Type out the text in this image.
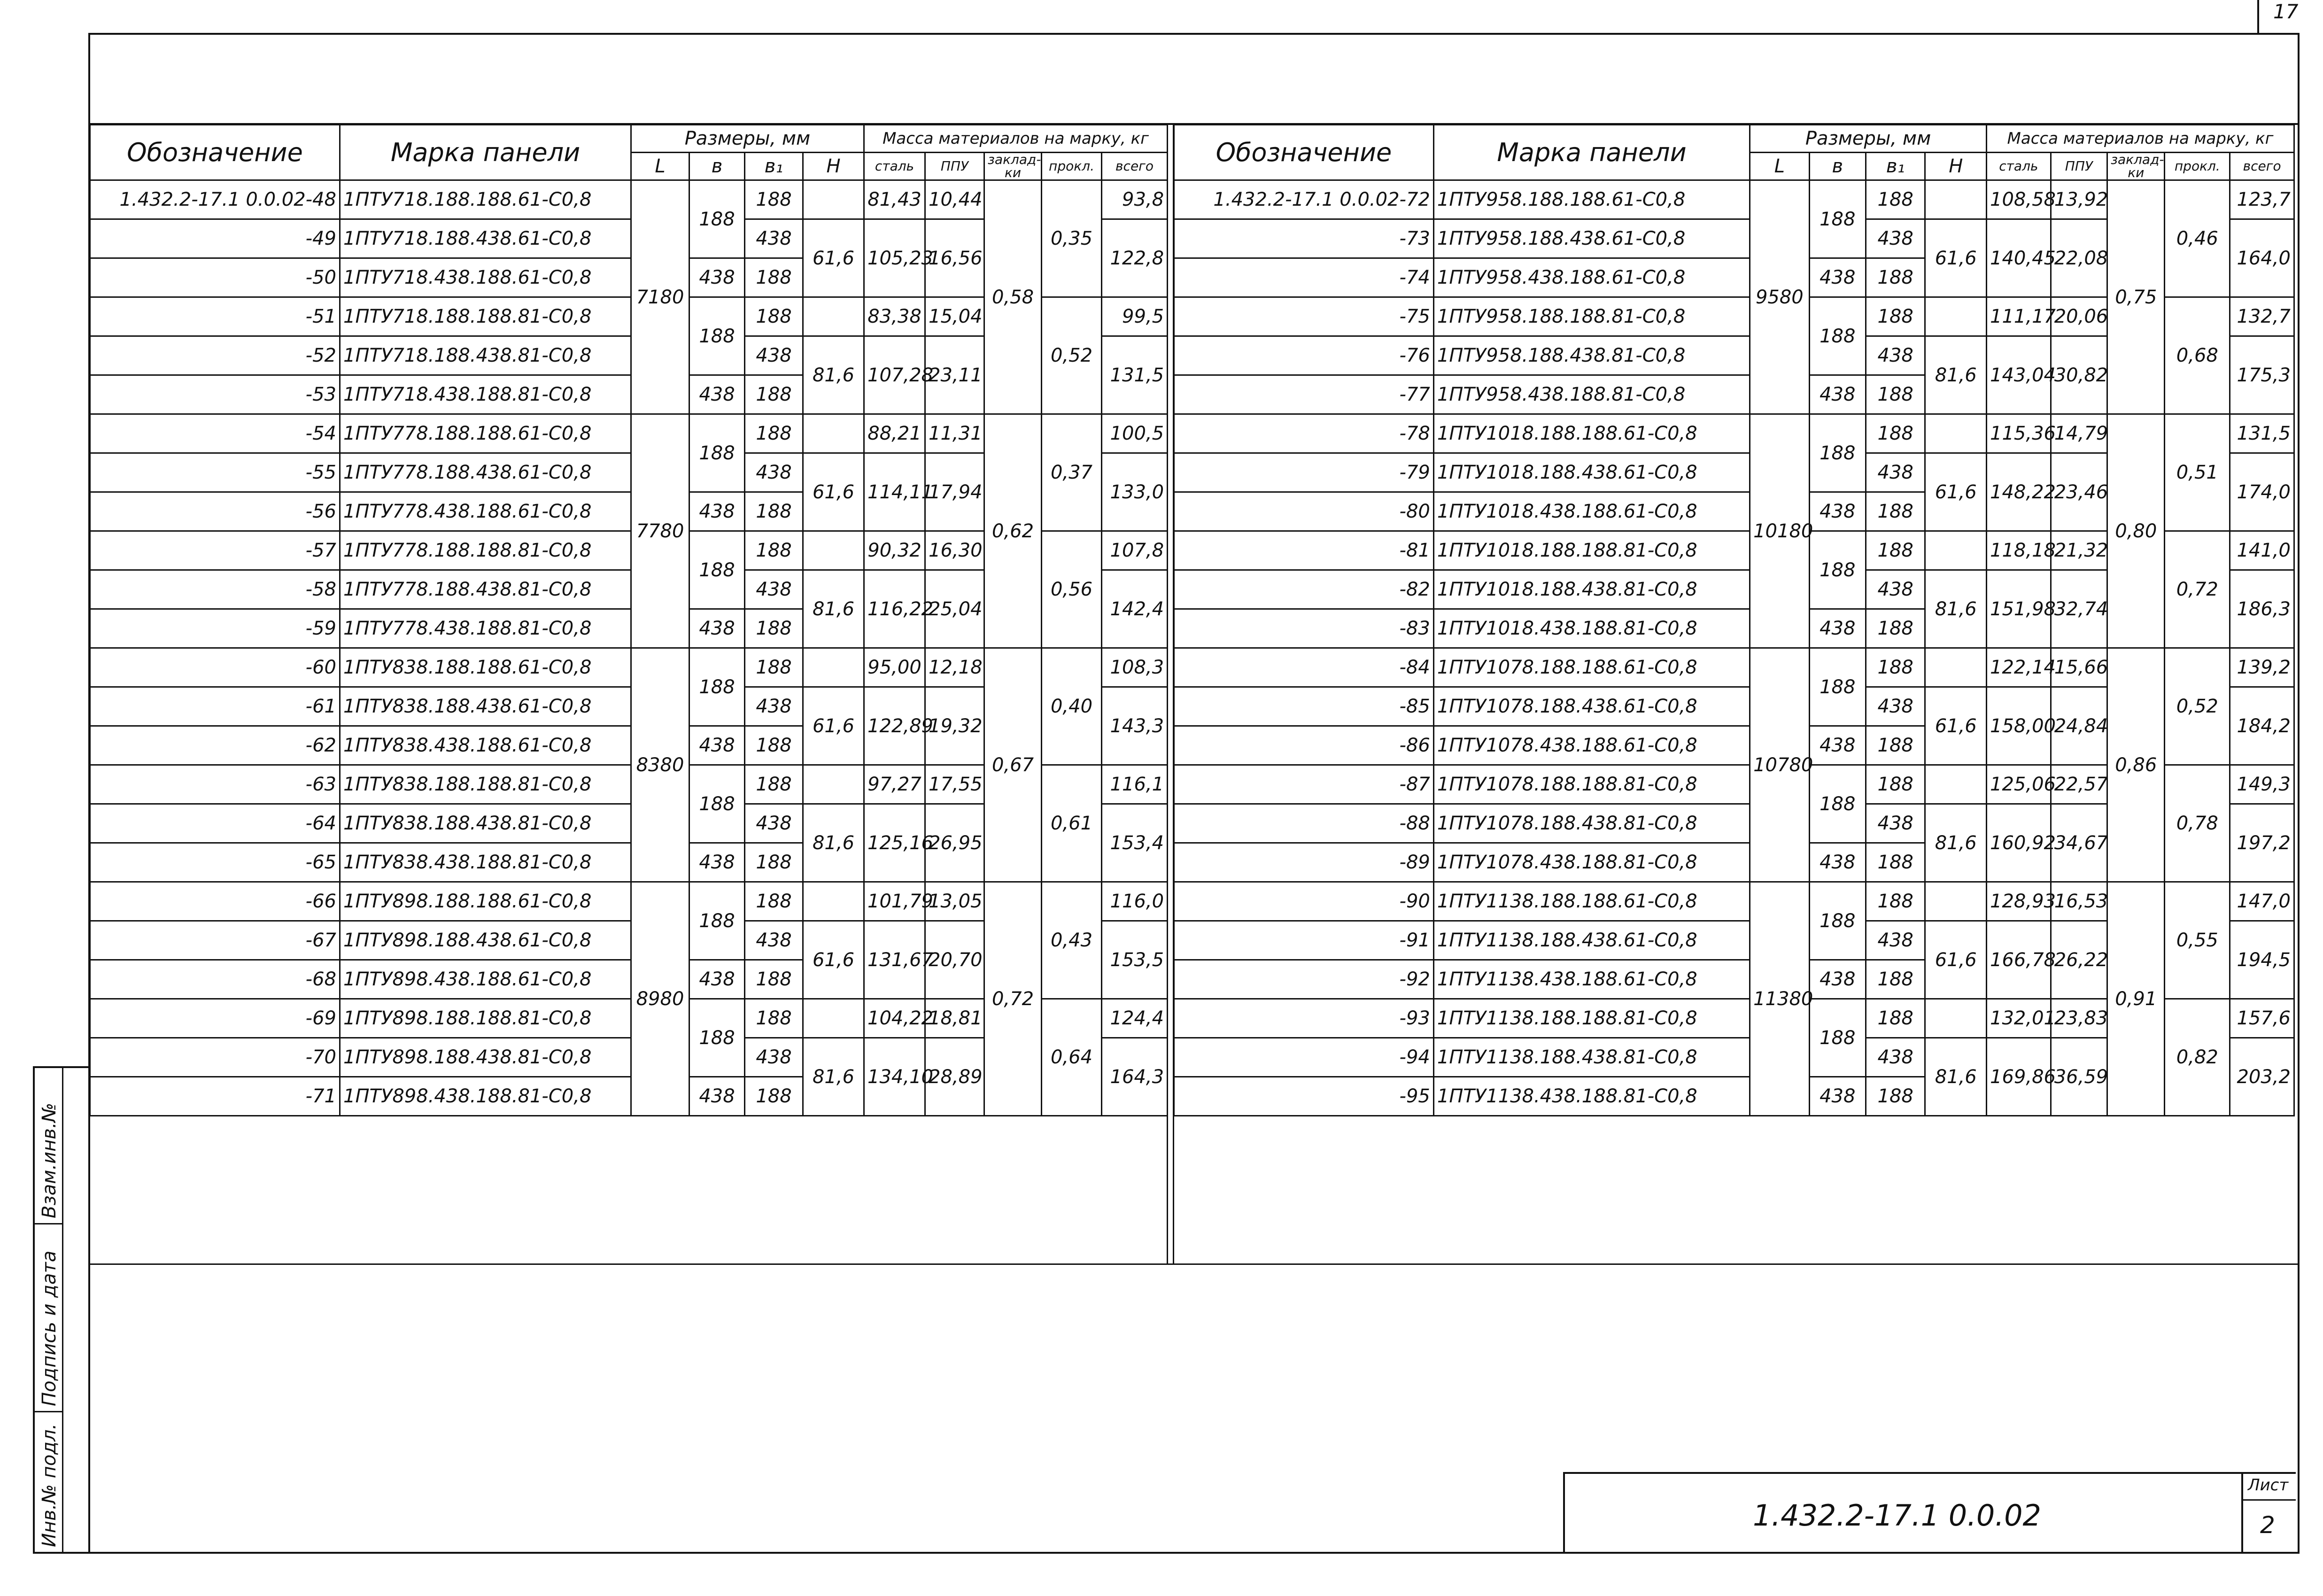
17
Взам.инв.№
Подпись и дата
Инв.№ подл.
Обозначение	Марка панели	Размеры, мм				Масса материалов на марку, кг				
		L	в	в₁	H	сталь	ППУ	заклад-ки	прокл.	всего
1.432.2-17.1 0.0.02-48	1ПТУ718.188.188.61-С0,8	7180	188	188		81,43	10,44	0,58	0,35	93,8
-49	1ПТУ718.188.438.61-С0,8			438	61,6	105,23	16,56			122,8
-50	1ПТУ718.438.188.61-С0,8		438	188						
-51	1ПТУ718.188.188.81-С0,8		188	188		83,38	15,04		0,52	99,5
-52	1ПТУ718.188.438.81-С0,8			438	81,6	107,28	23,11			131,5
-53	1ПТУ718.438.188.81-С0,8		438	188						
-54	1ПТУ778.188.188.61-С0,8	7780	188	188		88,21	11,31	0,62	0,37	100,5
-55	1ПТУ778.188.438.61-С0,8			438	61,6	114,11	17,94			133,0
-56	1ПТУ778.438.188.61-С0,8		438	188						
-57	1ПТУ778.188.188.81-С0,8		188	188		90,32	16,30		0,56	107,8
-58	1ПТУ778.188.438.81-С0,8			438	81,6	116,22	25,04			142,4
-59	1ПТУ778.438.188.81-С0,8		438	188						
-60	1ПТУ838.188.188.61-С0,8	8380	188	188		95,00	12,18	0,67	0,40	108,3
-61	1ПТУ838.188.438.61-С0,8			438	61,6	122,89	19,32			143,3
-62	1ПТУ838.438.188.61-С0,8		438	188						
-63	1ПТУ838.188.188.81-С0,8		188	188		97,27	17,55		0,61	116,1
-64	1ПТУ838.188.438.81-С0,8			438	81,6	125,16	26,95			153,4
-65	1ПТУ838.438.188.81-С0,8		438	188						
-66	1ПТУ898.188.188.61-С0,8	8980	188	188		101,79	13,05	0,72	0,43	116,0
-67	1ПТУ898.188.438.61-С0,8			438	61,6	131,67	20,70			153,5
-68	1ПТУ898.438.188.61-С0,8		438	188						
-69	1ПТУ898.188.188.81-С0,8		188	188		104,22	18,81		0,64	124,4
-70	1ПТУ898.188.438.81-С0,8			438	81,6	134,10	28,89			164,3
-71	1ПТУ898.438.188.81-С0,8		438	188						
Обозначение	Марка панели	Размеры, мм				Масса материалов на марку, кг				
		L	в	в₁	H	сталь	ППУ	заклад-ки	прокл.	всего
1.432.2-17.1 0.0.02-72	1ПТУ958.188.188.61-С0,8	9580	188	188		108,58	13,92	0,75	0,46	123,7
-73	1ПТУ958.188.438.61-С0,8			438	61,6	140,45	22,08			164,0
-74	1ПТУ958.438.188.61-С0,8		438	188						
-75	1ПТУ958.188.188.81-С0,8		188	188		111,17	20,06		0,68	132,7
-76	1ПТУ958.188.438.81-С0,8			438	81,6	143,04	30,82			175,3
-77	1ПТУ958.438.188.81-С0,8		438	188						
-78	1ПТУ1018.188.188.61-С0,8	10180	188	188		115,36	14,79	0,80	0,51	131,5
-79	1ПТУ1018.188.438.61-С0,8			438	61,6	148,22	23,46			174,0
-80	1ПТУ1018.438.188.61-С0,8		438	188						
-81	1ПТУ1018.188.188.81-С0,8		188	188		118,18	21,32		0,72	141,0
-82	1ПТУ1018.188.438.81-С0,8			438	81,6	151,98	32,74			186,3
-83	1ПТУ1018.438.188.81-С0,8		438	188						
-84	1ПТУ1078.188.188.61-С0,8	10780	188	188		122,14	15,66	0,86	0,52	139,2
-85	1ПТУ1078.188.438.61-С0,8			438	61,6	158,00	24,84			184,2
-86	1ПТУ1078.438.188.61-С0,8		438	188						
-87	1ПТУ1078.188.188.81-С0,8		188	188		125,06	22,57		0,78	149,3
-88	1ПТУ1078.188.438.81-С0,8			438	81,6	160,92	34,67			197,2
-89	1ПТУ1078.438.188.81-С0,8		438	188						
-90	1ПТУ1138.188.188.61-С0,8	11380	188	188		128,93	16,53	0,91	0,55	147,0
-91	1ПТУ1138.188.438.61-С0,8			438	61,6	166,78	26,22			194,5
-92	1ПТУ1138.438.188.61-С0,8		438	188						
-93	1ПТУ1138.188.188.81-С0,8		188	188		132,01	23,83		0,82	157,6
-94	1ПТУ1138.188.438.81-С0,8			438	81,6	169,86	36,59			203,2
-95	1ПТУ1138.438.188.81-С0,8		438	188						
1.432.2-17.1 0.0.02
Лист
2
